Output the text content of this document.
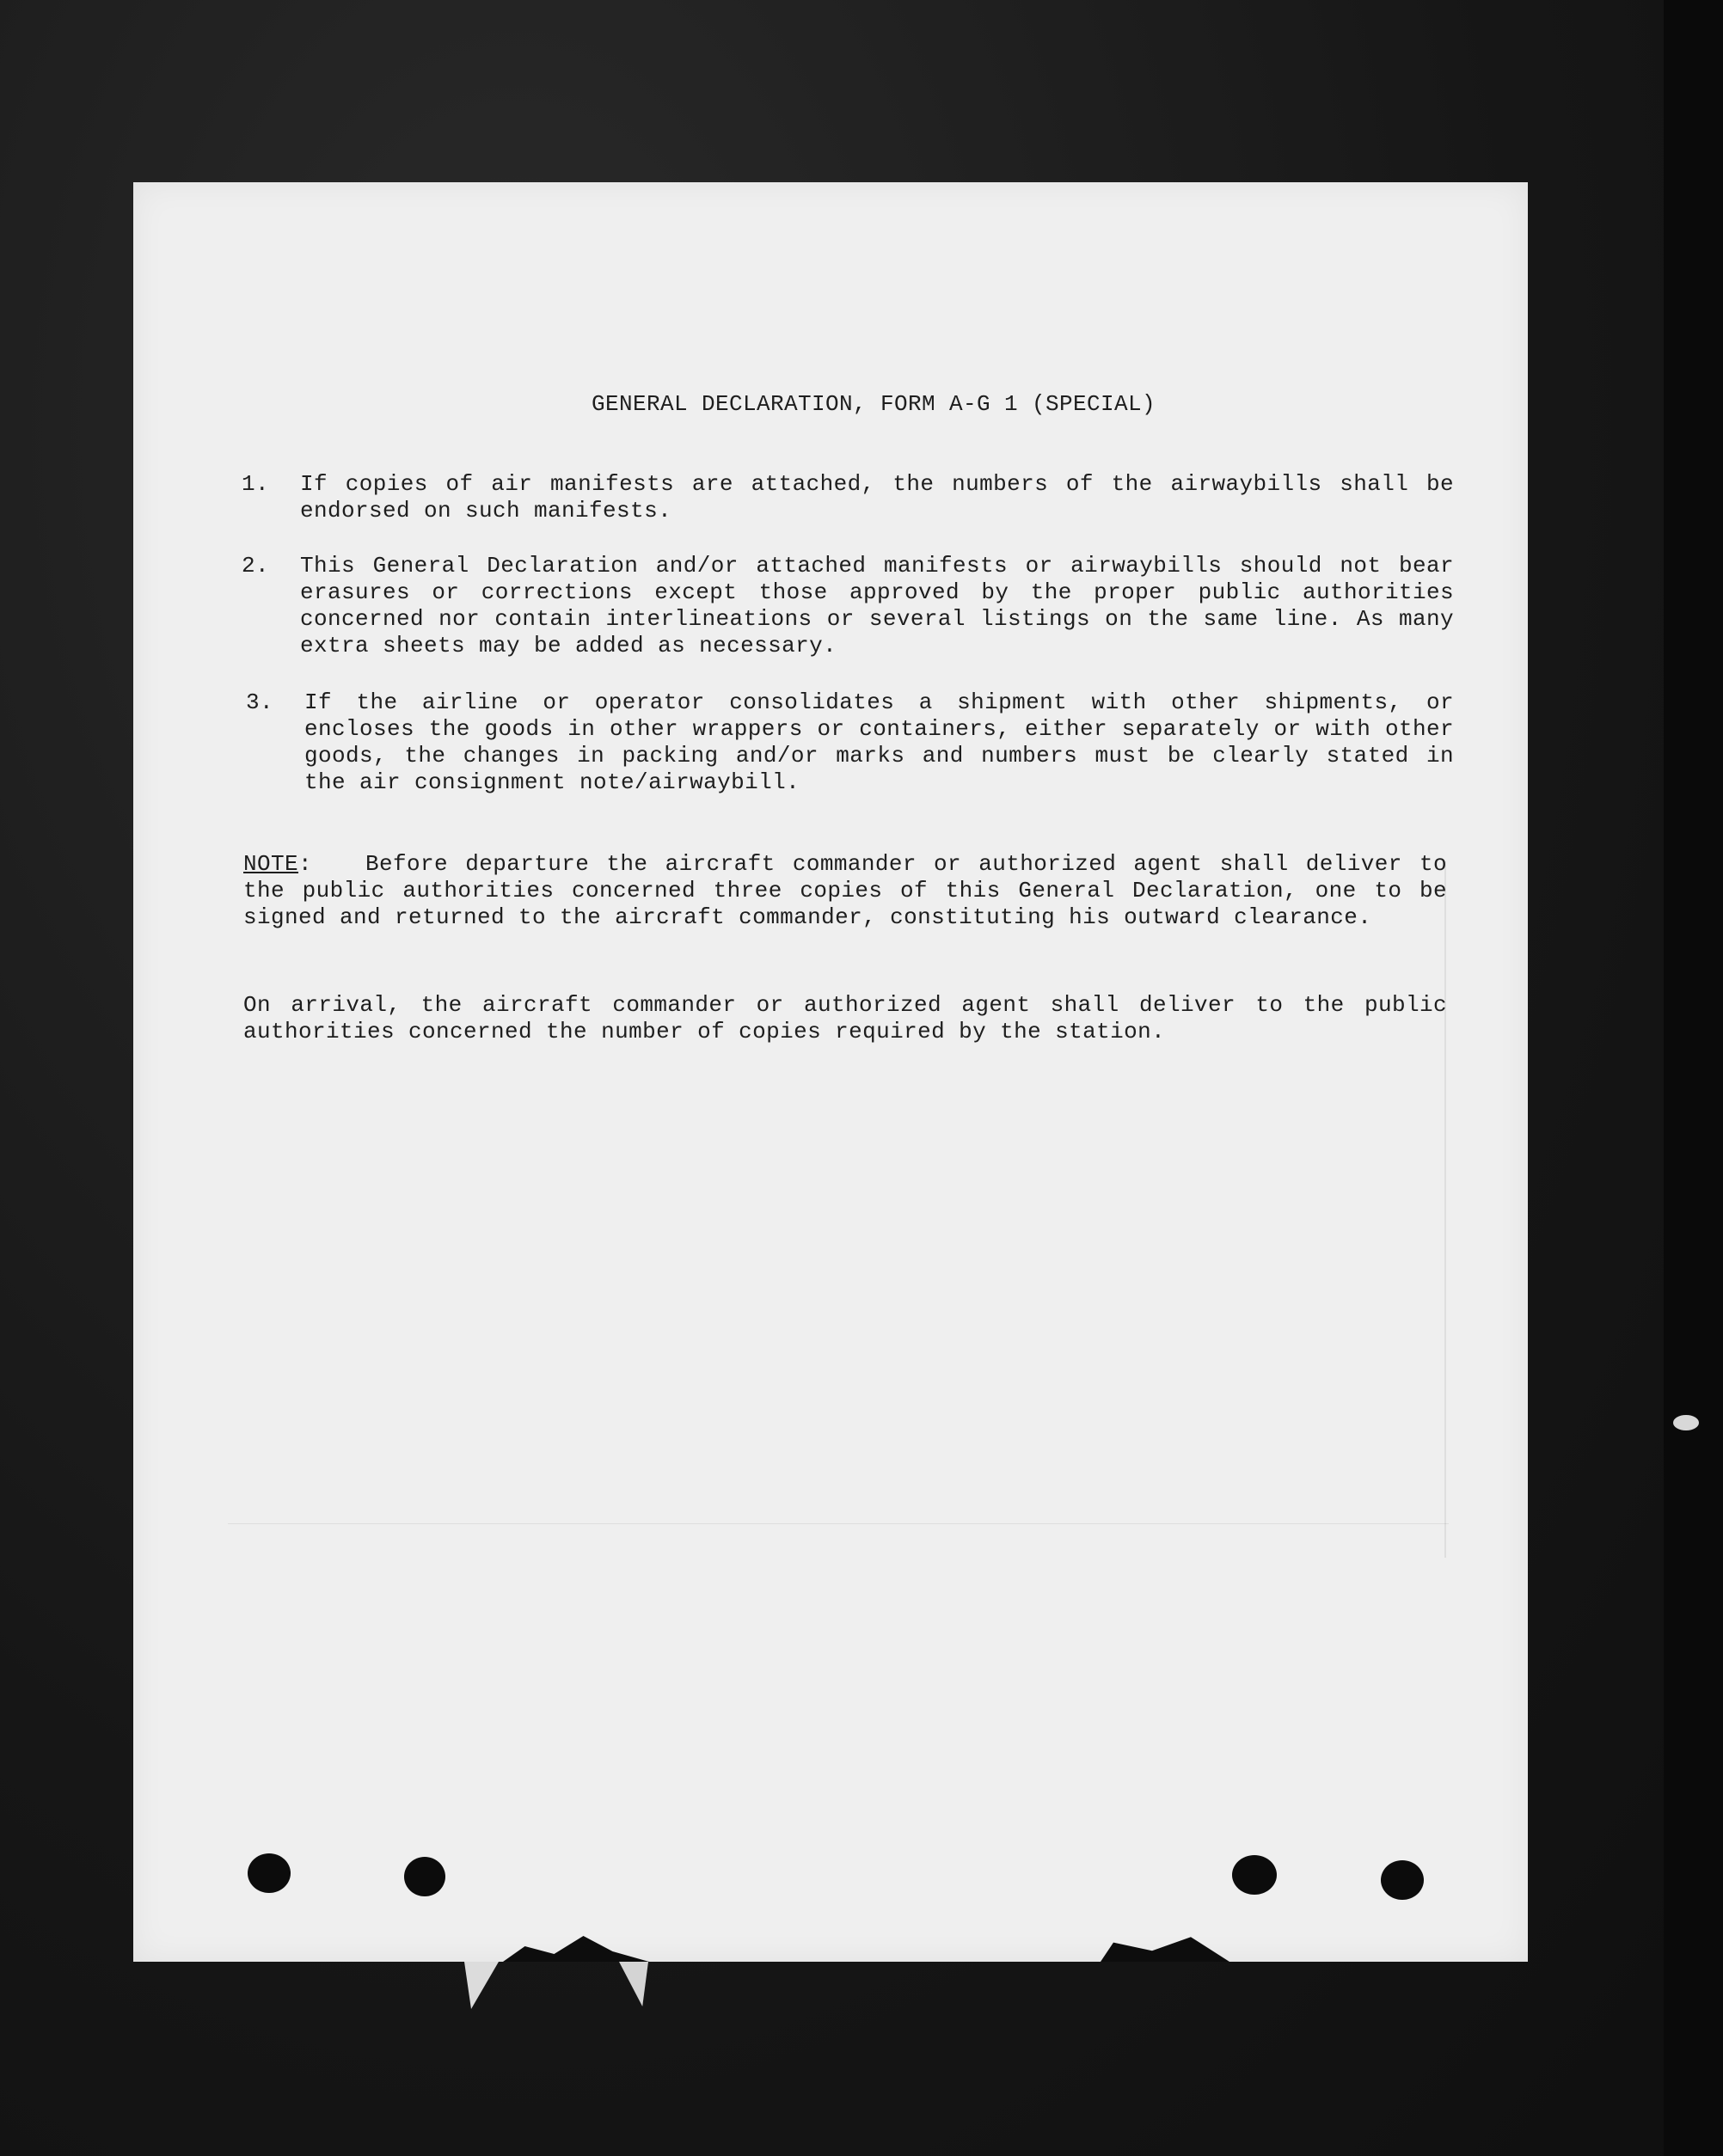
GENERAL DECLARATION, FORM A-G 1 (SPECIAL)
1.	If copies of air manifests are attached, the numbers of the airwaybills shall be endorsed on such manifests.

2.	This General Declaration and/or attached manifests or airwaybills should not bear erasures or corrections except those approved by the proper public authorities concerned nor contain interlineations or several listings on the same line. As many extra sheets may be added as necessary.

3.	If the airline or operator consolidates a shipment with other shipments, or encloses the goods in other wrappers or containers, either separately or with other goods, the changes in packing and/or marks and numbers must be clearly stated in the air consignment note/airwaybill.

NOTE: Before departure the aircraft commander or authorized agent shall deliver to the public authorities concerned three copies of this General Declaration, one to be signed and returned to the aircraft commander, constituting his outward clearance.

On arrival, the aircraft commander or authorized agent shall deliver to the public authorities concerned the number of copies required by the station.
